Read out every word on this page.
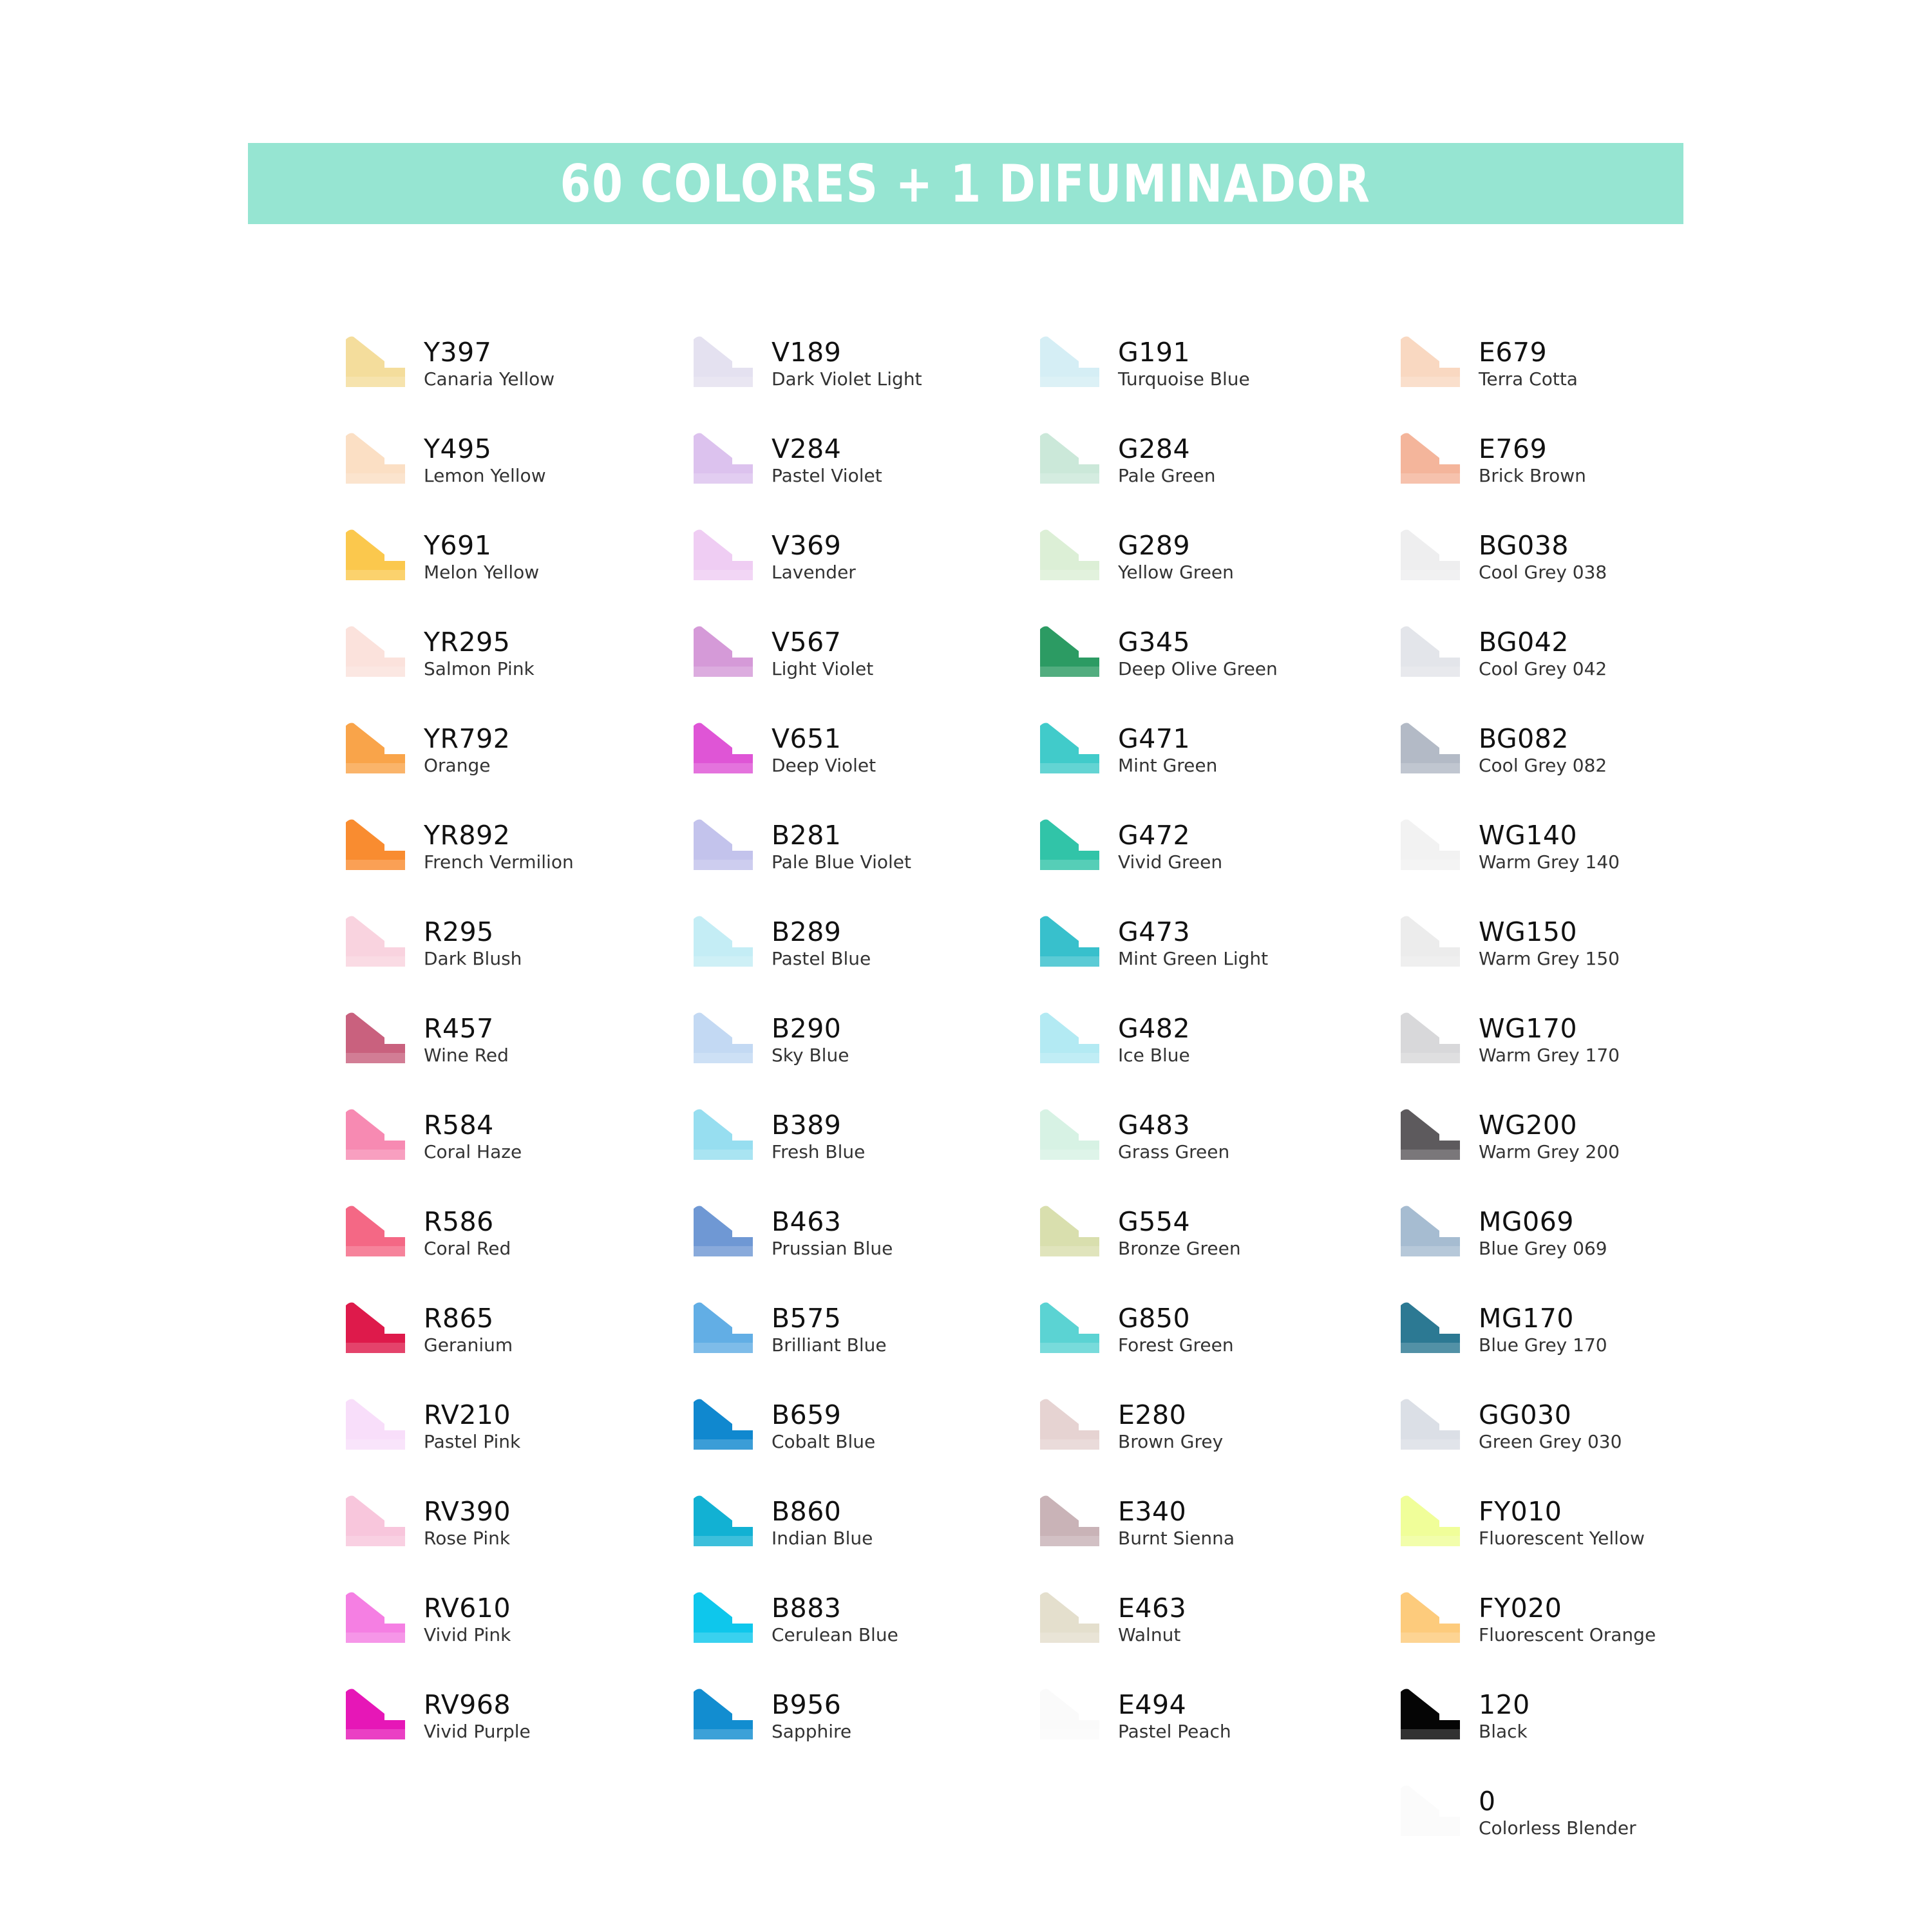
60 COLORES + 1 DIFUMINADOR
Y397
Canaria Yellow
Y495
Lemon Yellow
Y691
Melon Yellow
YR295
Salmon Pink
YR792
Orange
YR892
French Vermilion
R295
Dark Blush
R457
Wine Red
R584
Coral Haze
R586
Coral Red
R865
Geranium
RV210
Pastel Pink
RV390
Rose Pink
RV610
Vivid Pink
RV968
Vivid Purple
V189
Dark Violet Light
V284
Pastel Violet
V369
Lavender
V567
Light Violet
V651
Deep Violet
B281
Pale Blue Violet
B289
Pastel Blue
B290
Sky Blue
B389
Fresh Blue
B463
Prussian Blue
B575
Brilliant Blue
B659
Cobalt Blue
B860
Indian Blue
B883
Cerulean Blue
B956
Sapphire
G191
Turquoise Blue
G284
Pale Green
G289
Yellow Green
G345
Deep Olive Green
G471
Mint Green
G472
Vivid Green
G473
Mint Green Light
G482
Ice Blue
G483
Grass Green
G554
Bronze Green
G850
Forest Green
E280
Brown Grey
E340
Burnt Sienna
E463
Walnut
E494
Pastel Peach
E679
Terra Cotta
E769
Brick Brown
BG038
Cool Grey 038
BG042
Cool Grey 042
BG082
Cool Grey 082
WG140
Warm Grey 140
WG150
Warm Grey 150
WG170
Warm Grey 170
WG200
Warm Grey 200
MG069
Blue Grey 069
MG170
Blue Grey 170
GG030
Green Grey 030
FY010
Fluorescent Yellow
FY020
Fluorescent Orange
120
Black
0
Colorless Blender
